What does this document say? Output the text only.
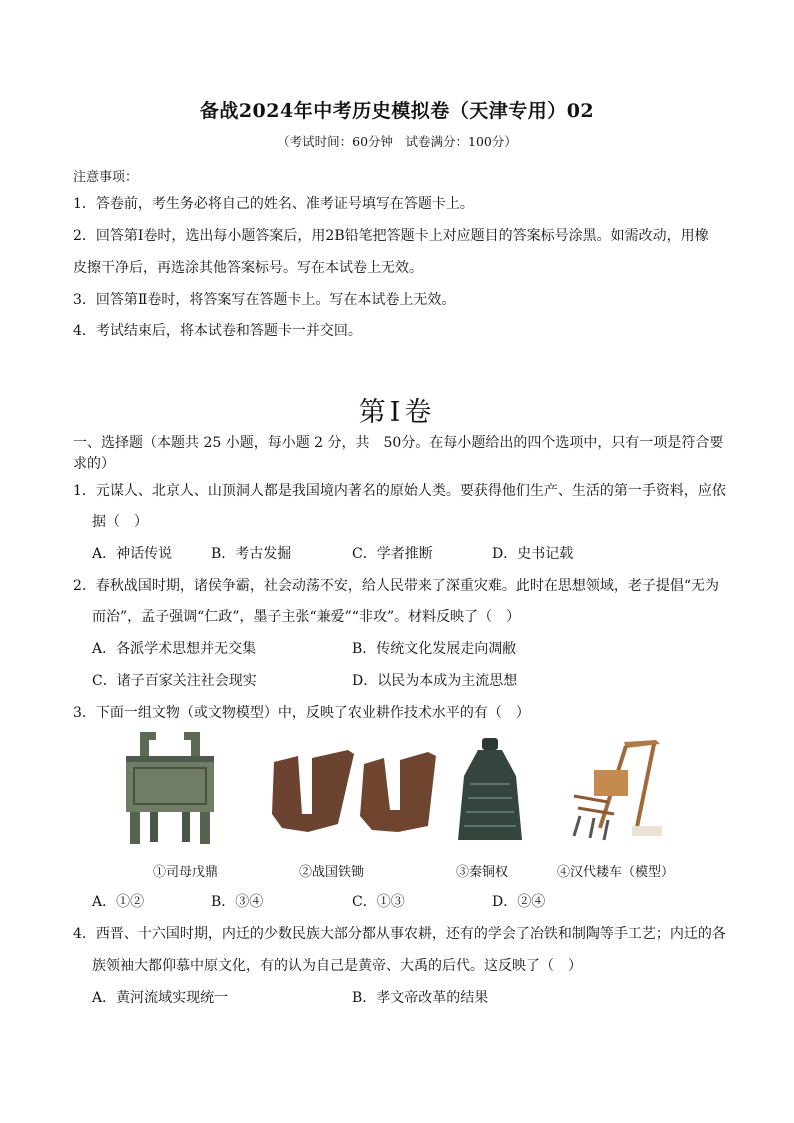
备战2024年中考历史模拟卷（天津专用）02
（考试时间：60分钟　试卷满分：100分）
注意事项：
1．答卷前，考生务必将自己的姓名、准考证号填写在答题卡上。
2．回答第Ⅰ卷时，选出每小题答案后，用2B铅笔把答题卡上对应题目的答案标号涂黑。如需改动，用橡
皮擦干净后，再选涂其他答案标号。写在本试卷上无效。
3．回答第Ⅱ卷时，将答案写在答题卡上。写在本试卷上无效。
4．考试结束后，将本试卷和答题卡一并交回。
第Ⅰ卷
一、选择题（本题共 25 小题，每小题 2 分，共　50分。在每小题给出的四个选项中，只有一项是符合要
求的）
1．元谋人、北京人、山顶洞人都是我国境内著名的原始人类。要获得他们生产、生活的第一手资料，应依
据（　）
A．神话传说	B．考古发掘	C．学者推断	D．史书记载
2．春秋战国时期，诸侯争霸，社会动荡不安，给人民带来了深重灾难。此时在思想领域，老子提倡“无为
而治”，孟子强调“仁政”，墨子主张“兼爱”“非攻”。材料反映了（　）
A．各派学术思想并无交集	B．传统文化发展走向凋敝
C．诸子百家关注社会现实	D．以民为本成为主流思想
3．下面一组文物（或文物模型）中，反映了农业耕作技术水平的有（　）
①司母戊鼎	②战国铁锄	③秦铜权	④汉代耧车（模型）
A．①②	B．③④	C．①③	D．②④
4．西晋、十六国时期，内迁的少数民族大部分都从事农耕，还有的学会了冶铁和制陶等手工艺；内迁的各
族领袖大都仰慕中原文化，有的认为自己是黄帝、大禹的后代。这反映了（　）
A．黄河流域实现统一	B．孝文帝改革的结果
